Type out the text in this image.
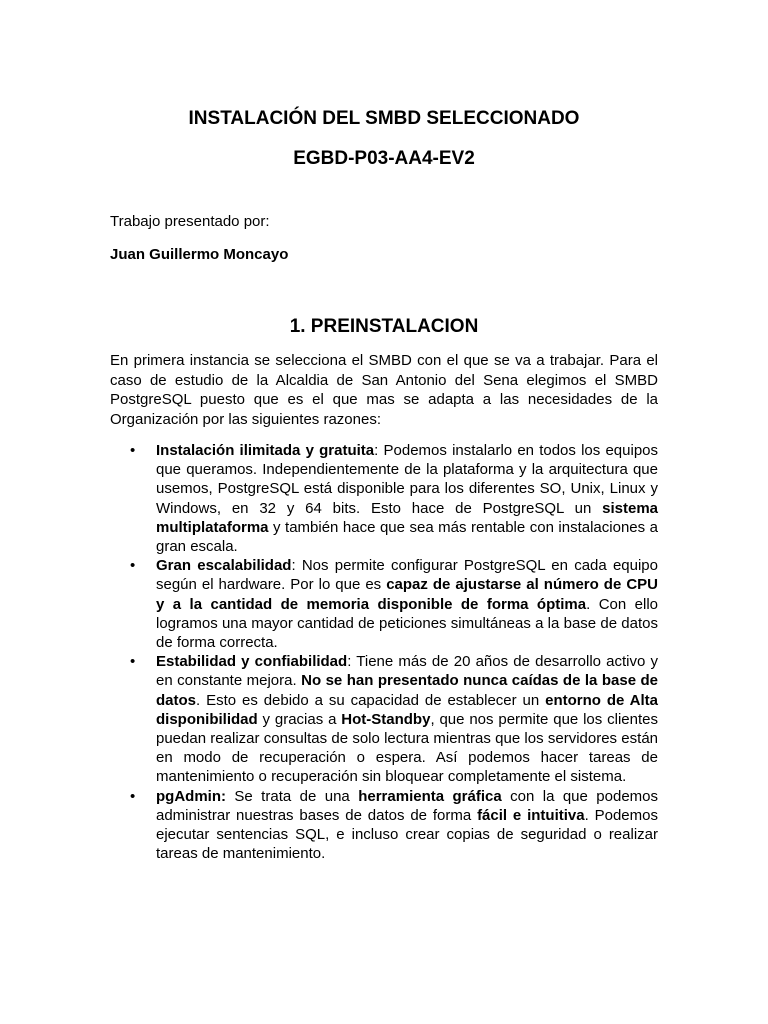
INSTALACIÓN DEL SMBD SELECCIONADO
EGBD-P03-AA4-EV2

Trabajo presentado por:

Juan Guillermo Moncayo

1. PREINSTALACION

En primera instancia se selecciona el SMBD con el que se va a trabajar. Para el caso de estudio de la Alcaldia de San Antonio del Sena elegimos el SMBD PostgreSQL puesto que es el que mas se adapta a las necesidades de la Organización por las siguientes razones:

•	Instalación ilimitada y gratuita: Podemos instalarlo en todos los equipos que queramos. Independientemente de la plataforma y la arquitectura que usemos, PostgreSQL está disponible para los diferentes SO, Unix, Linux y Windows, en 32 y 64 bits. Esto hace de PostgreSQL un sistema multiplataforma y también hace que sea más rentable con instalaciones a gran escala.
•	Gran escalabilidad: Nos permite configurar PostgreSQL en cada equipo según el hardware. Por lo que es capaz de ajustarse al número de CPU y a la cantidad de memoria disponible de forma óptima. Con ello logramos una mayor cantidad de peticiones simultáneas a la base de datos de forma correcta.
•	Estabilidad y confiabilidad: Tiene más de 20 años de desarrollo activo y en constante mejora. No se han presentado nunca caídas de la base de datos. Esto es debido a su capacidad de establecer un entorno de Alta disponibilidad y gracias a Hot-Standby, que nos permite que los clientes puedan realizar consultas de solo lectura mientras que los servidores están en modo de recuperación o espera. Así podemos hacer tareas de mantenimiento o recuperación sin bloquear completamente el sistema.
•	pgAdmin: Se trata de una herramienta gráfica con la que podemos administrar nuestras bases de datos de forma fácil e intuitiva. Podemos ejecutar sentencias SQL, e incluso crear copias de seguridad o realizar tareas de mantenimiento.
